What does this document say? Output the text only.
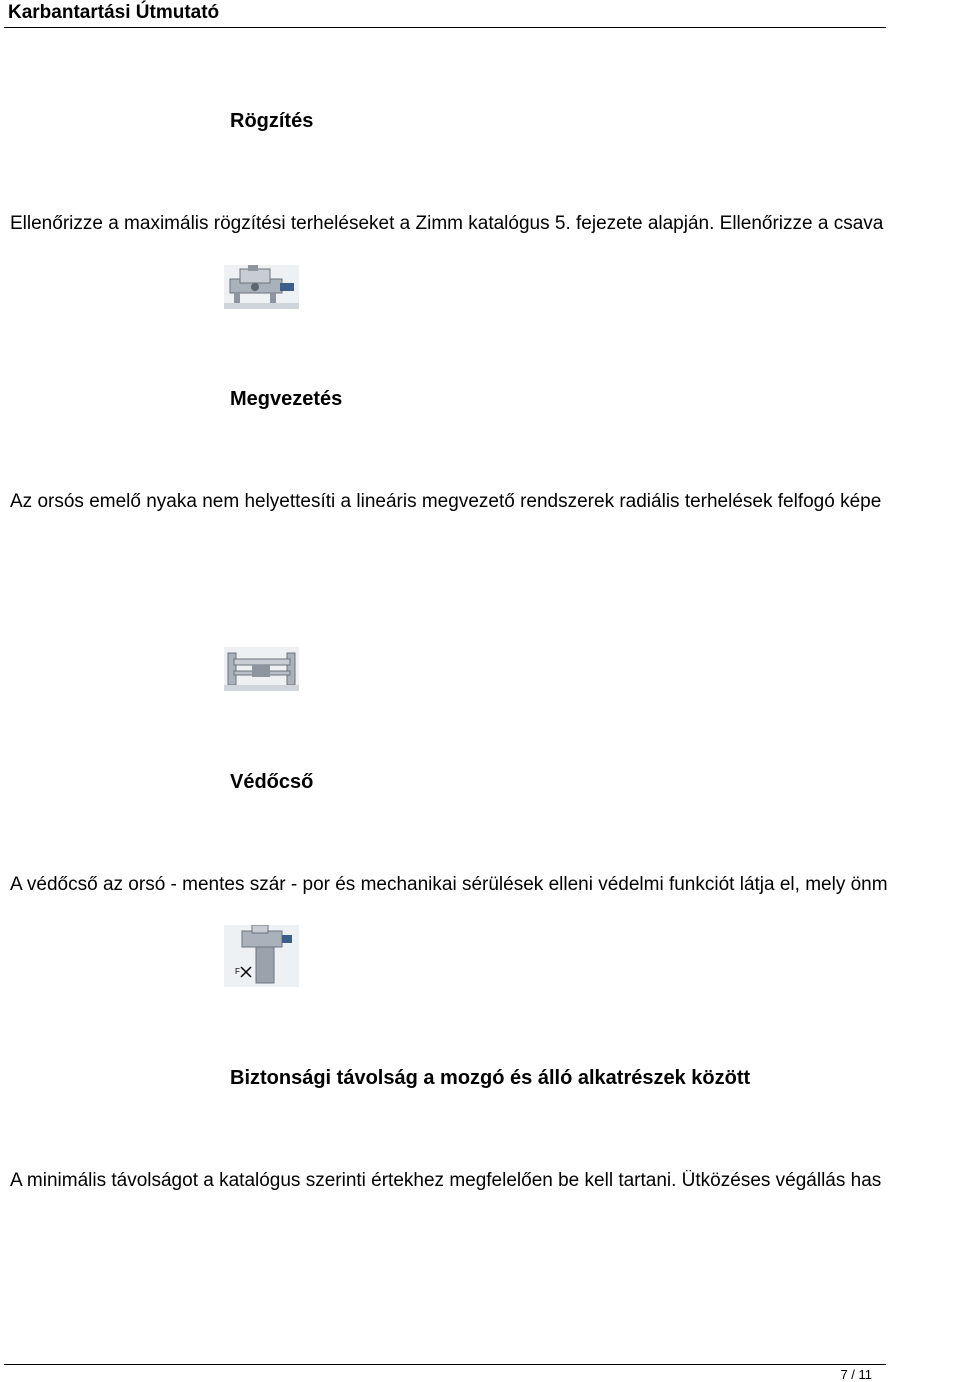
Karbantartási Útmutató
Rögzítés
Ellenőrizze a maximális rögzítési terheléseket a Zimm katalógus 5. fejezete alapján. Ellenőrizze a csava
Megvezetés
Az orsós emelő nyaka nem helyettesíti a lineáris megvezető rendszerek radiális terhelések felfogó képe
Védőcső
A védőcső az orsó - mentes szár - por és mechanikai sérülések elleni védelmi funkciót látja el, mely önm
F
Biztonsági távolság a mozgó és álló alkatrészek között
A minimális távolságot a katalógus szerinti értekhez megfelelően be kell tartani. Ütközéses végállás has
7 / 11
